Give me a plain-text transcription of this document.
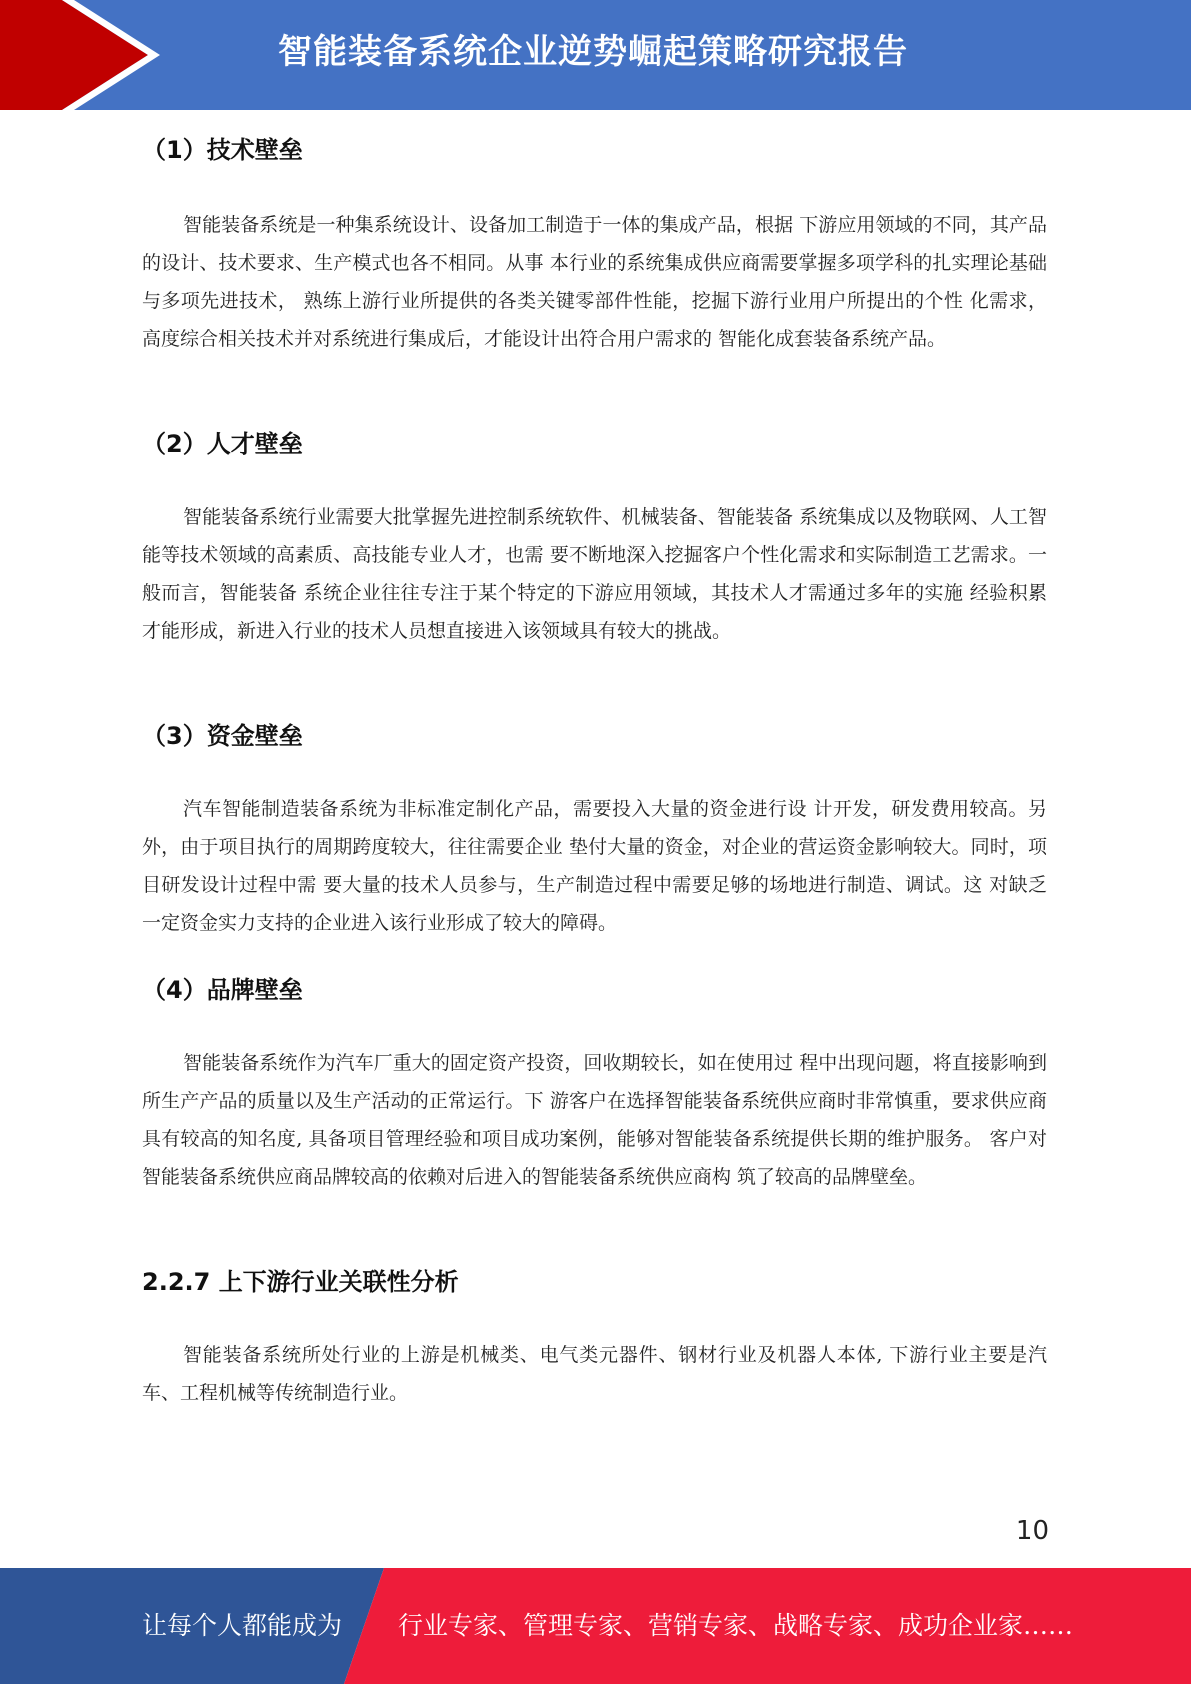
智能装备系统企业逆势崛起策略研究报告
（1）技术壁垒

智能装备系统是一种集系统设计、设备加工制造于一体的集成产品，根据 下游应用领域的不同，其产品的设计、技术要求、生产模式也各不相同。从事 本行业的系统集成供应商需要掌握多项学科的扎实理论基础与多项先进技术， 熟练上游行业所提供的各类关键零部件性能，挖掘下游行业用户所提出的个性 化需求，高度综合相关技术并对系统进行集成后，才能设计出符合用户需求的 智能化成套装备系统产品。

（2）人才壁垒

智能装备系统行业需要大批掌握先进控制系统软件、机械装备、智能装备 系统集成以及物联网、人工智能等技术领域的高素质、高技能专业人才，也需 要不断地深入挖掘客户个性化需求和实际制造工艺需求。一般而言，智能装备 系统企业往往专注于某个特定的下游应用领域，其技术人才需通过多年的实施 经验积累才能形成，新进入行业的技术人员想直接进入该领域具有较大的挑战。

（3）资金壁垒

汽车智能制造装备系统为非标准定制化产品，需要投入大量的资金进行设 计开发，研发费用较高。另外，由于项目执行的周期跨度较大，往往需要企业 垫付大量的资金，对企业的营运资金影响较大。同时，项目研发设计过程中需 要大量的技术人员参与，生产制造过程中需要足够的场地进行制造、调试。这 对缺乏一定资金实力支持的企业进入该行业形成了较大的障碍。

（4）品牌壁垒

智能装备系统作为汽车厂重大的固定资产投资，回收期较长，如在使用过 程中出现问题，将直接影响到所生产产品的质量以及生产活动的正常运行。下 游客户在选择智能装备系统供应商时非常慎重，要求供应商具有较高的知名度, 具备项目管理经验和项目成功案例，能够对智能装备系统提供长期的维护服务。 客户对智能装备系统供应商品牌较高的依赖对后进入的智能装备系统供应商构 筑了较高的品牌壁垒。

2.2.7 上下游行业关联性分析

智能装备系统所处行业的上游是机械类、电气类元器件、钢材行业及机器人本体, 下游行业主要是汽车、工程机械等传统制造行业。

10
让每个人都能成为 行业专家、管理专家、营销专家、战略专家、成功企业家……
